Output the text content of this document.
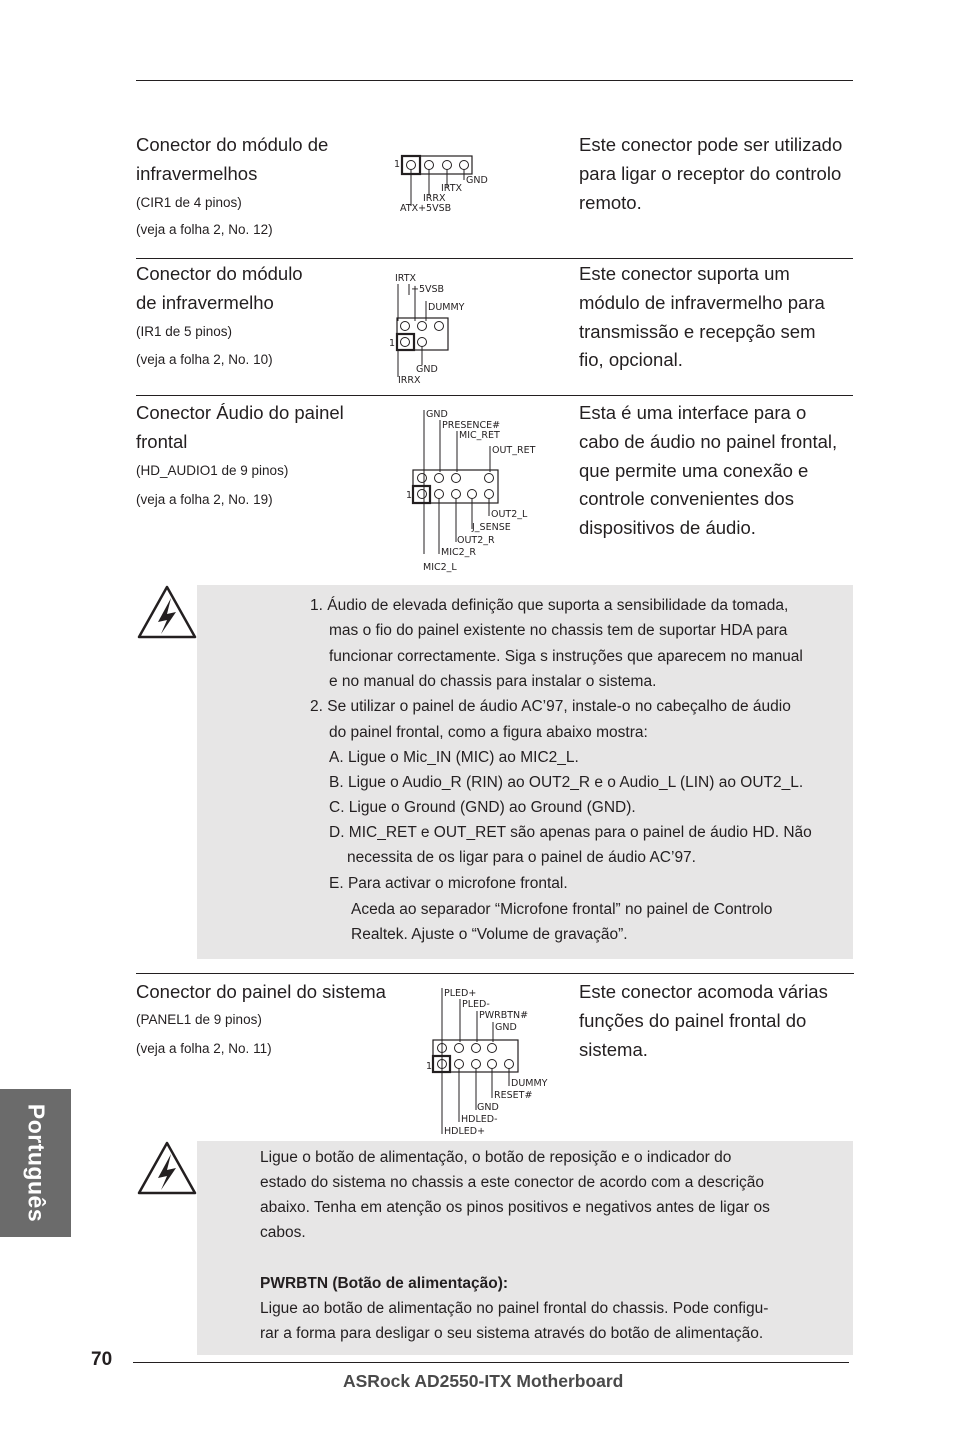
Conector do módulo de
infravermelhos
(CIR1 de 4 pinos)
(veja a folha 2, No. 12)
Este conector pode ser utilizado
para ligar o receptor do controlo
remoto.
1
GND
IRTX
IRRX
ATX+5VSB
Conector do módulo
de infravermelho
(IR1 de 5 pinos)
(veja a folha 2, No. 10)
Este conector suporta um
módulo de infravermelho para
transmissão e recepção sem
fio, opcional.
IRTX
+5VSB
DUMMY
1
GND
IRRX
Conector Áudio do painel
frontal
(HD_AUDIO1 de 9 pinos)
(veja a folha 2, No. 19)
Esta é uma interface para o
cabo de áudio no painel frontal,
que permite uma conexão e
controle convenientes dos
dispositivos de áudio.
GND
PRESENCE#
MIC_RET
OUT_RET
1
OUT2_L
J_SENSE
OUT2_R
MIC2_R
MIC2_L
1. Áudio de elevada definição que suporta a sensibilidade da tomada,
mas o fio do painel existente no chassis tem de suportar HDA para
funcionar correctamente. Siga s instruções que aparecem no manual
e no manual do chassis para instalar o sistema.
2. Se utilizar o painel de áudio AC’97, instale-o no cabeçalho de áudio
do painel frontal, como a figura abaixo mostra:
A. Ligue o Mic_IN (MIC) ao MIC2_L.
B. Ligue o Audio_R (RIN) ao OUT2_R e o Audio_L (LIN) ao OUT2_L.
C. Ligue o Ground (GND) ao Ground (GND).
D. MIC_RET e OUT_RET são apenas para o painel de áudio HD. Não
necessita de os ligar para o painel de áudio AC’97.
E. Para activar o microfone frontal.
Aceda ao separador “Microfone frontal” no painel de Controlo
Realtek. Ajuste o “Volume de gravação”.
Conector do painel do sistema
(PANEL1 de 9 pinos)
(veja a folha 2, No. 11)
Este conector acomoda várias
funções do painel frontal do
sistema.
PLED+
PLED-
PWRBTN#
GND
1
DUMMY
RESET#
GND
HDLED-
HDLED+
Ligue o botão de alimentação, o botão de reposição e o indicador do
estado do sistema no chassis a este conector de acordo com a descrição
abaixo. Tenha em atenção os pinos positivos e negativos antes de ligar os
cabos.
PWRBTN (Botão de alimentação):
Ligue ao botão de alimentação no painel frontal do chassis. Pode configu-
rar a forma para desligar o seu sistema através do botão de alimentação.
Português
70
ASRock AD2550-ITX Motherboard
